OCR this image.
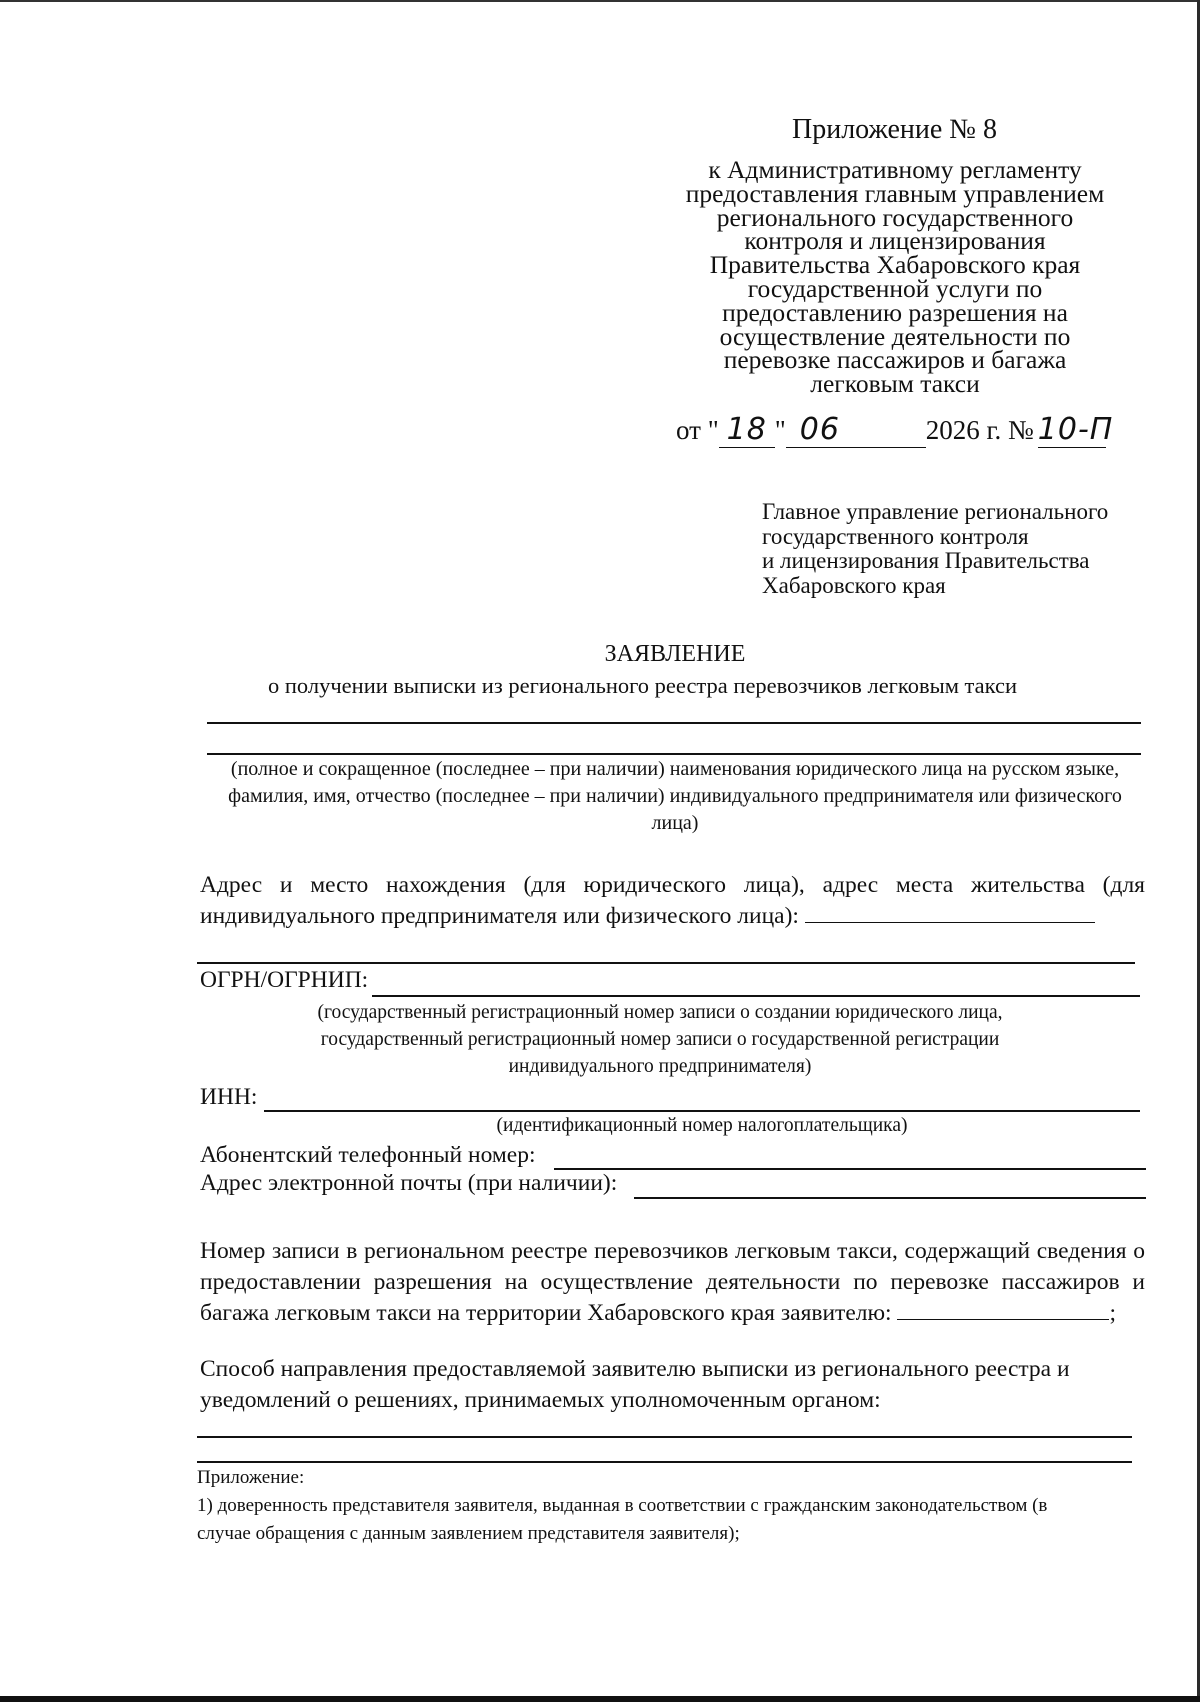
Приложение № 8
к Административному регламенту
предоставления главным управлением
регионального государственного
контроля и лицензирования
Правительства Хабаровского края
государственной услуги по
предоставлению разрешения на
осуществление деятельности по
перевозке пассажиров и багажа
легковым такси
от " 18 " 06	2026 г. № 10-П
Главное управление регионального
государственного контроля
и лицензирования Правительства
Хабаровского края
ЗАЯВЛЕНИЕ
о получении выписки из регионального реестра перевозчиков легковым такси
(полное и сокращенное (последнее – при наличии) наименования юридического лица на русском языке, фамилия, имя, отчество (последнее – при наличии) индивидуального предпринимателя или физического лица)
Адрес и место нахождения (для юридического лица), адрес места жительства (для индивидуального предпринимателя или физического лица):
ОГРН/ОГРНИП:
(государственный регистрационный номер записи о создании юридического лица, государственный регистрационный номер записи о государственной регистрации индивидуального предпринимателя)
ИНН:
(идентификационный номер налогоплательщика)
Абонентский телефонный номер:
Адрес электронной почты (при наличии):
Номер записи в региональном реестре перевозчиков легковым такси, содержащий сведения о предоставлении разрешения на осуществление деятельности по перевозке пассажиров и багажа легковым такси на территории Хабаровского края заявителю:	;
Способ направления предоставляемой заявителю выписки из регионального реестра и уведомлений о решениях, принимаемых уполномоченным органом:
Приложение:
1) доверенность представителя заявителя, выданная в соответствии с гражданским законодательством (в случае обращения с данным заявлением представителя заявителя);
